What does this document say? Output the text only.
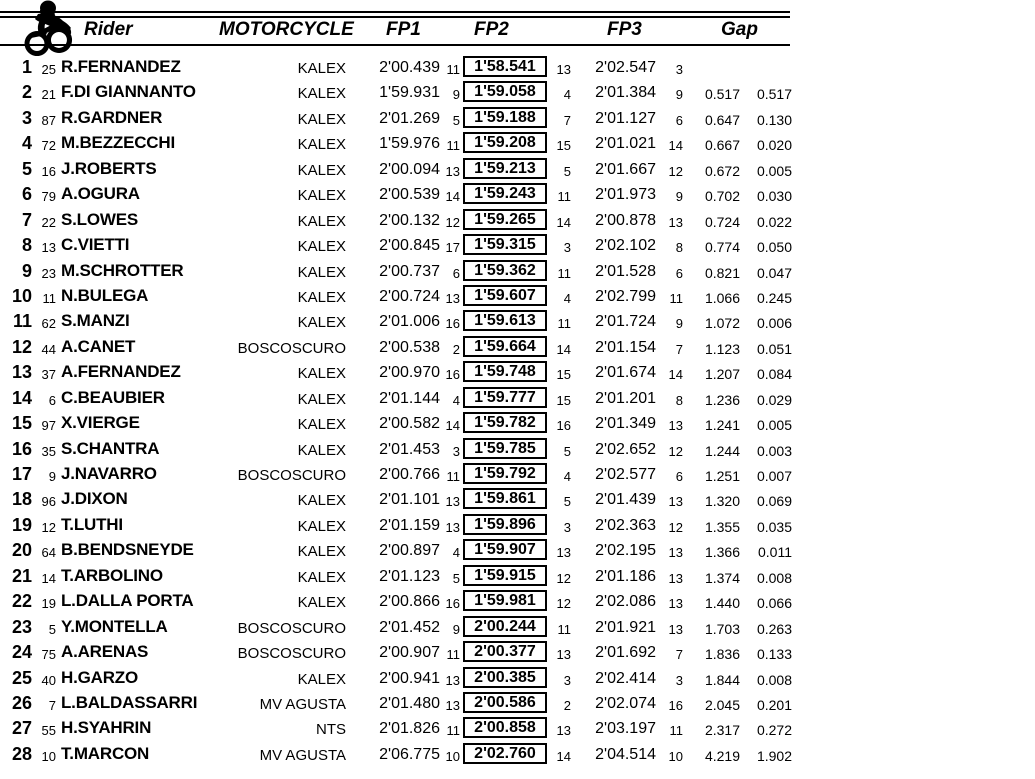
Rider	MOTORCYCLE FP1	FP2	FP3	Gap
1 25 R.FERNANDEZ	KALEX	2'00.439 11 1'58.541	13	2'02.547	3
2 21 F.DI GIANNANTO	KALEX	1'59.931 9 1'59.058	4	2'01.384	9	0.517	0.517
3 87 R.GARDNER	KALEX	2'01.269 5 1'59.188	7	2'01.127	6	0.647	0.130
4 72 M.BEZZECCHI	KALEX	1'59.976 11 1'59.208	15	2'01.021 14	0.667	0.020
5 16 J.ROBERTS	KALEX	2'00.094 13 1'59.213	5	2'01.667 12	0.672	0.005
6 79 A.OGURA	KALEX	2'00.539 14 1'59.243	11	2'01.973	9	0.702	0.030
7 22 S.LOWES	KALEX	2'00.132 12 1'59.265	14	2'00.878 13	0.724	0.022
8 13 C.VIETTI	KALEX	2'00.845 17 1'59.315	3	2'02.102	8	0.774	0.050
9 23 M.SCHROTTER	KALEX	2'00.737 6 1'59.362	11	2'01.528	6	0.821	0.047
10 11 N.BULEGA	KALEX	2'00.724 13 1'59.607	4	2'02.799	11	1.066	0.245
11 62 S.MANZI	KALEX	2'01.006 16 1'59.613	11	2'01.724	9	1.072	0.006
12 44 A.CANET	BOSCOSCURO	2'00.538 2 1'59.664	14	2'01.154	7	1.123	0.051
13 37 A.FERNANDEZ	KALEX	2'00.970 16 1'59.748	15	2'01.674 14	1.207	0.084
14	6 C.BEAUBIER	KALEX	2'01.144 4 1'59.777	15	2'01.201	8	1.236	0.029
15 97 X.VIERGE	KALEX	2'00.582 14 1'59.782	16	2'01.349 13	1.241	0.005
16 35 S.CHANTRA	KALEX	2'01.453 3 1'59.785	5	2'02.652 12	1.244	0.003
17	9 J.NAVARRO	BOSCOSCURO	2'00.766 11 1'59.792	4	2'02.577	6	1.251	0.007
18 96 J.DIXON	KALEX	2'01.101 13 1'59.861	5	2'01.439 13	1.320	0.069
19 12 T.LUTHI	KALEX	2'01.159 13 1'59.896	3	2'02.363 12	1.355	0.035
20 64 B.BENDSNEYDE	KALEX	2'00.897 4 1'59.907	13	2'02.195 13	1.366	0.011
21 14 T.ARBOLINO	KALEX	2'01.123 5 1'59.915	12	2'01.186 13	1.374	0.008
22 19 L.DALLA PORTA	KALEX	2'00.866 16 1'59.981	12	2'02.086 13	1.440	0.066
23	5 Y.MONTELLA	BOSCOSCURO	2'01.452 9 2'00.244	11	2'01.921 13	1.703	0.263
24 75 A.ARENAS	BOSCOSCURO	2'00.907 11 2'00.377	13	2'01.692	7	1.836	0.133
25 40 H.GARZO	KALEX	2'00.941 13 2'00.385	3	2'02.414	3	1.844	0.008
26	7 L.BALDASSARRI	MV AGUSTA	2'01.480 13 2'00.586	2	2'02.074 16	2.045	0.201
27 55 H.SYAHRIN	NTS	2'01.826 11 2'00.858	13	2'03.197	11	2.317	0.272
28 10 T.MARCON	MV AGUSTA	2'06.775 10 2'02.760	14	2'04.514 10	4.219	1.902
